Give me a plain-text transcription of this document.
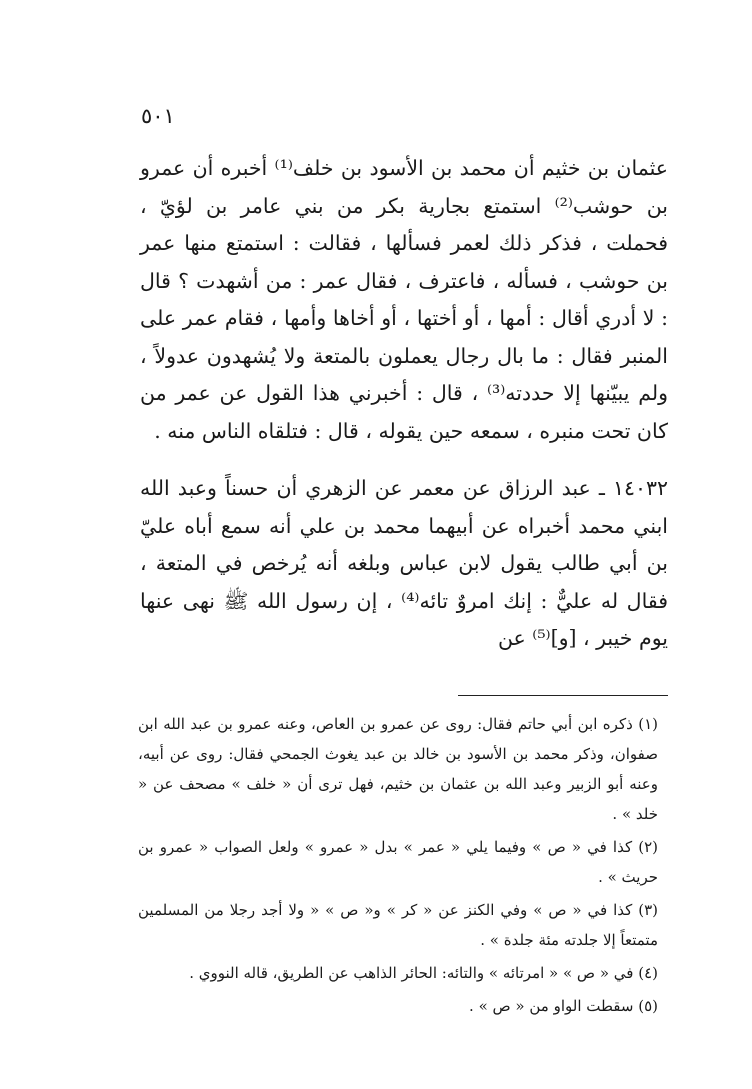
٥٠١

عثمان بن خثيم أن محمد بن الأسود بن خلف⁽¹⁾ أخبره أن عمرو بن حوشب⁽²⁾ استمتع بجارية بكر من بني عامر بن لؤيّ ، فحملت ، فذكر ذلك لعمر فسألها ، فقالت : استمتع منها عمر بن حوشب ، فسأله ، فاعترف ، فقال عمر : من أشهدت ؟ قال : لا أدري أقال : أمها ، أو أختها ، أو أخاها وأمها ، فقام عمر على المنبر فقال : ما بال رجال يعملون بالمتعة ولا يُشهدون عدولاً ، ولم يبيّنها إلا حددته⁽³⁾ ، قال : أخبرني هذا القول عن عمر من كان تحت منبره ، سمعه حين يقوله ، قال : فتلقاه الناس منه .

١٤٠٣٢ ـ عبد الرزاق عن معمر عن الزهري أن حسناً وعبد الله ابني محمد أخبراه عن أبيهما محمد بن علي أنه سمع أباه عليّ بن أبي طالب يقول لابن عباس وبلغه أنه يُرخص في المتعة ، فقال له عليٌّ : إنك امروٌ تائه⁽⁴⁾ ، إن رسول الله ﷺ نهى عنها يوم خيبر ، [و]⁽⁵⁾ عن

(١) ذكره ابن أبي حاتم فقال: روى عن عمرو بن العاص، وعنه عمرو بن عبد الله ابن صفوان، وذكر محمد بن الأسود بن خالد بن عبد يغوث الجمحي فقال: روى عن أبيه، وعنه أبو الزبير وعبد الله بن عثمان بن خثيم، فهل ترى أن « خلف » مصحف عن « خلد » .

(٢) كذا في « ص » وفيما يلي « عمر » بدل « عمرو » ولعل الصواب « عمرو بن حريث » .

(٣) كذا في « ص » وفي الكنز عن « كر » و« ص » « ولا أجد رجلا من المسلمين متمتعاً إلا جلدته مئة جلدة » .

(٤) في « ص » « امرتائه » والتائه: الحائر الذاهب عن الطريق، قاله النووي .

(٥) سقطت الواو من « ص » .
